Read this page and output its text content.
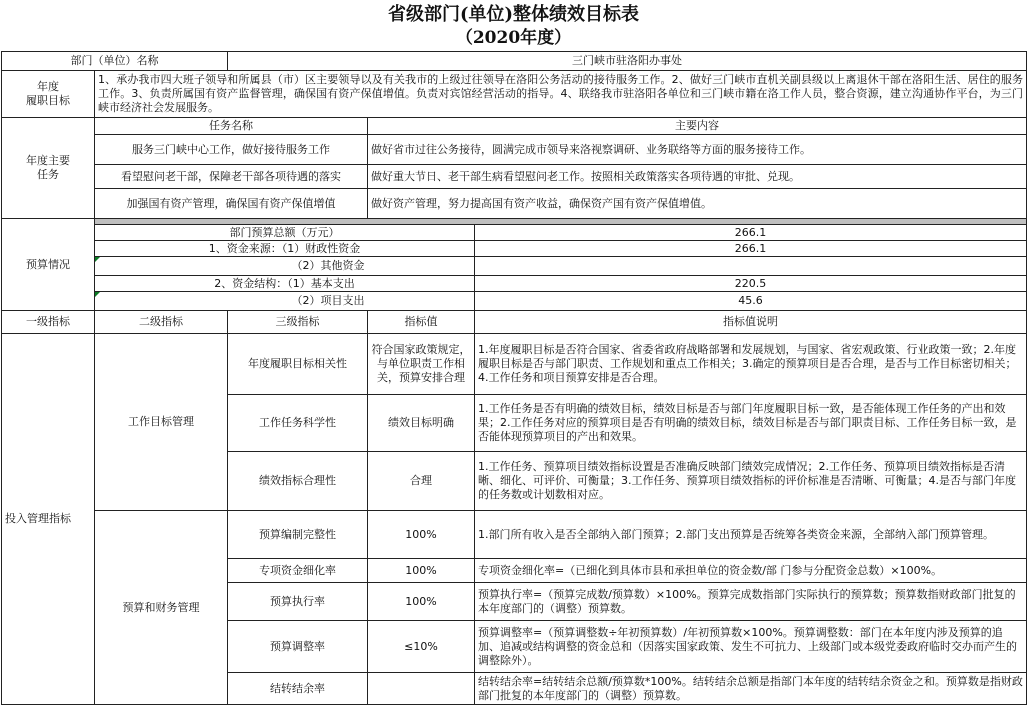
省级部门(单位)整体绩效目标表
（2020年度）
部门（单位）名称		三门峡市驻洛阳办事处		

年度
履职目标	1、承办我市四大班子领导和所属县（市）区主要领导以及有关我市的上级过往领导在洛阳公务活动的接待服务工作。2、做好三门峡市直机关副县级以上离退休干部在洛阳生活、居住的服务工作。3、负责所属国有资产监督管理，确保国有资产保值增值。负责对宾馆经营活动的指导。4、联络我市驻洛阳各单位和三门峡市籍在洛工作人员，整合资源，建立沟通协作平台，为三门峡市经济社会发展服务。			

年度主要
任务	任务名称		主要内容	
	服务三门峡中心工作，做好接待服务工作		做好省市过往公务接待，圆满完成市领导来洛视察调研、业务联络等方面的服务接待工作。	
	看望慰问老干部，保障老干部各项待遇的落实		做好重大节日、老干部生病看望慰问老工作。按照相关政策落实各项待遇的审批、兑现。	
	加强国有资产管理，确保国有资产保值增值		做好资产管理，努力提高国有资产收益，确保资产国有资产保值增值。	
预算情况				
	部门预算总额（万元）			266.1
	1、资金来源：（1）财政性资金			266.1
	（2）其他资金			
	2、资金结构：（1）基本支出			220.5
	（2）项目支出			45.6
一级指标	二级指标	三级指标	指标值	指标值说明
投入管理指标	工作目标管理	年度履职目标相关性	符合国家政策规定，与单位职责工作相 关，预算安排合理	1.年度履职目标是否符合国家、省委省政府战略部署和发展规划，与国家、省宏观政策、行业政策一致；2.年度履职目标是否与部门职责、工作规划和重点工作相关；3.确定的预算项目是否合理，是否与工作目标密切相关；4.工作任务和项目预算安排是否合理。
		工作任务科学性	绩效目标明确	1.工作任务是否有明确的绩效目标，绩效目标是否与部门年度履职目标一致，是否能体现工作任务的产出和效果；2.工作任务对应的预算项目是否有明确的绩效目标，绩效目标是否与部门职责目标、工作任务目标一致，是否能体现预算项目的产出和效果。
		绩效指标合理性	合理	1.工作任务、预算项目绩效指标设置是否准确反映部门绩效完成情况；2.工作任务、预算项目绩效指标是否清晰、细化、可评价、可衡量；3.工作任务、预算项目绩效指标的评价标准是否清晰、可衡量；4.是否与部门年度的任务数或计划数相对应。
	预算和财务管理	预算编制完整性	100%	1.部门所有收入是否全部纳入部门预算；2.部门支出预算是否统筹各类资金来源，全部纳入部门预算管理。
		专项资金细化率	100%	专项资金细化率=（已细化到具体市县和承担单位的资金数/部 门参与分配资金总数）×100%。
		预算执行率	100%	预算执行率=（预算完成数/预算数）×100%。预算完成数指部门实际执行的预算数；预算数指财政部门批复的本年度部门的（调整）预算数。
		预算调整率	≤10%	预算调整率=（预算调整数÷年初预算数）/年初预算数×100%。预算调整数：部门在本年度内涉及预算的追加、追减或结构调整的资金总和（因落实国家政策、发生不可抗力、上级部门或本级党委政府临时交办而产生的调整除外）。
		结转结余率		结转结余率=结转结余总额/预算数*100%。结转结余总额是指部门本年度的结转结余资金之和。预算数是指财政部门批复的本年度部门的（调整）预算数。
